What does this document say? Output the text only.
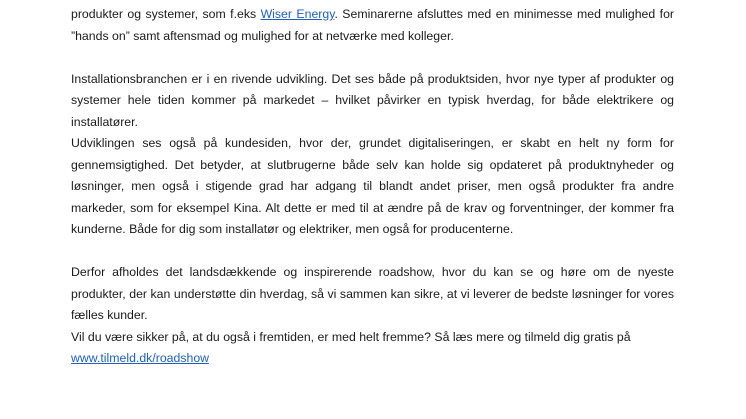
produkter og systemer, som f.eks Wiser Energy. Seminarerne afsluttes med en minimesse med mulighed for ”hands on” samt aftensmad og mulighed for at netværke med kolleger.

Installationsbranchen er i en rivende udvikling. Det ses både på produktsiden, hvor nye typer af produkter og systemer hele tiden kommer på markedet – hvilket påvirker en typisk hverdag, for både elektrikere og installatører.

Udviklingen ses også på kundesiden, hvor der, grundet digitaliseringen, er skabt en helt ny form for gennemsigtighed. Det betyder, at slutbrugerne både selv kan holde sig opdateret på produktnyheder og løsninger, men også i stigende grad har adgang til blandt andet priser, men også produkter fra andre markeder, som for eksempel Kina. Alt dette er med til at ændre på de krav og forventninger, der kommer fra kunderne. Både for dig som installatør og elektriker, men også for producenterne.

Derfor afholdes det landsdækkende og inspirerende roadshow, hvor du kan se og høre om de nyeste produkter, der kan understøtte din hverdag, så vi sammen kan sikre, at vi leverer de bedste løsninger for vores fælles kunder.

Vil du være sikker på, at du også i fremtiden, er med helt fremme? Så læs mere og tilmeld dig gratis på
www.tilmeld.dk/roadshow
